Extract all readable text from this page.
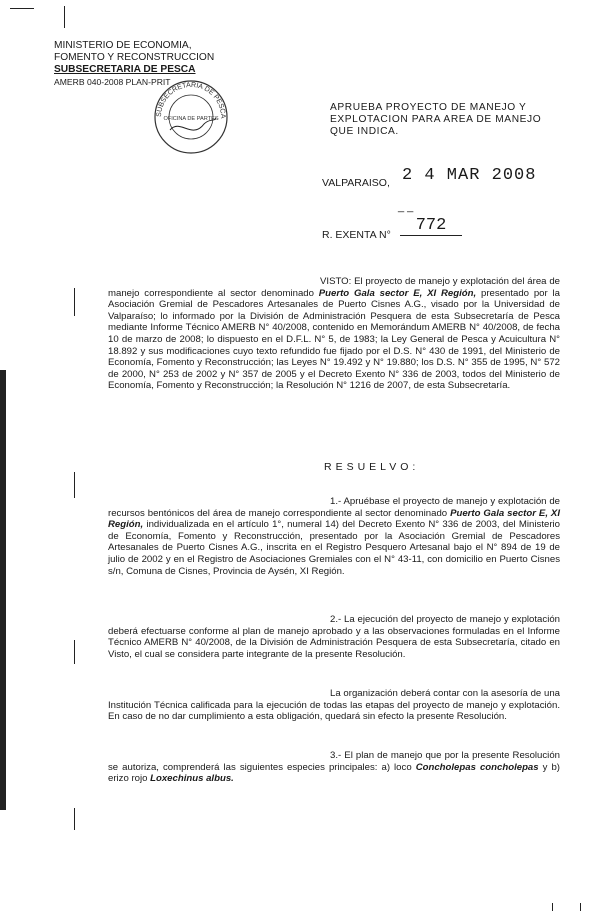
MINISTERIO DE ECONOMIA,
FOMENTO Y RECONSTRUCCION
SUBSECRETARIA DE PESCA
AMERB 040-2008 PLAN-PRIT
SUBSECRETARIA DE PESCA
OFICINA DE PARTES
APRUEBA PROYECTO DE MANEJO Y EXPLOTACION PARA AREA DE MANEJO QUE INDICA.
VALPARAISO, 2 4 MAR 2008
_ _
R. EXENTA N°	772

VISTO: El proyecto de manejo y explotación del área de manejo correspondiente al sector denominado Puerto Gala sector E, XI Región, presentado por la Asociación Gremial de Pescadores Artesanales de Puerto Cisnes A.G., visado por la Universidad de Valparaíso; lo informado por la División de Administración Pesquera de esta Subsecretaría de Pesca mediante Informe Técnico AMERB N° 40/2008, contenido en Memorándum AMERB N° 40/2008, de fecha 10 de marzo de 2008; lo dispuesto en el D.F.L. N° 5, de 1983; la Ley General de Pesca y Acuicultura N° 18.892 y sus modificaciones cuyo texto refundido fue fijado por el D.S. N° 430 de 1991, del Ministerio de Economía, Fomento y Reconstrucción; las Leyes N° 19.492 y N° 19.880; los D.S. N° 355 de 1995, N° 572 de 2000, N° 253 de 2002 y N° 357 de 2005 y el Decreto Exento N° 336 de 2003, todos del Ministerio de Economía, Fomento y Reconstrucción; la Resolución N° 1216 de 2007, de esta Subsecretaría.

RESUELVO:

1.- Apruébase el proyecto de manejo y explotación de recursos bentónicos del área de manejo correspondiente al sector denominado Puerto Gala sector E, XI Región, individualizada en el artículo 1°, numeral 14) del Decreto Exento N° 336 de 2003, del Ministerio de Economía, Fomento y Reconstrucción, presentado por la Asociación Gremial de Pescadores Artesanales de Puerto Cisnes A.G., inscrita en el Registro Pesquero Artesanal bajo el N° 894 de 19 de julio de 2002 y en el Registro de Asociaciones Gremiales con el N° 43-11, con domicilio en Puerto Cisnes s/n, Comuna de Cisnes, Provincia de Aysén, XI Región.

2.- La ejecución del proyecto de manejo y explotación deberá efectuarse conforme al plan de manejo aprobado y a las observaciones formuladas en el Informe Técnico AMERB N° 40/2008, de la División de Administración Pesquera de esta Subsecretaría, citado en Visto, el cual se considera parte integrante de la presente Resolución.

La organización deberá contar con la asesoría de una Institución Técnica calificada para la ejecución de todas las etapas del proyecto de manejo y explotación. En caso de no dar cumplimiento a esta obligación, quedará sin efecto la presente Resolución.

3.- El plan de manejo que por la presente Resolución se autoriza, comprenderá las siguientes especies principales: a) loco Concholepas concholepas y b) erizo rojo Loxechinus albus.
